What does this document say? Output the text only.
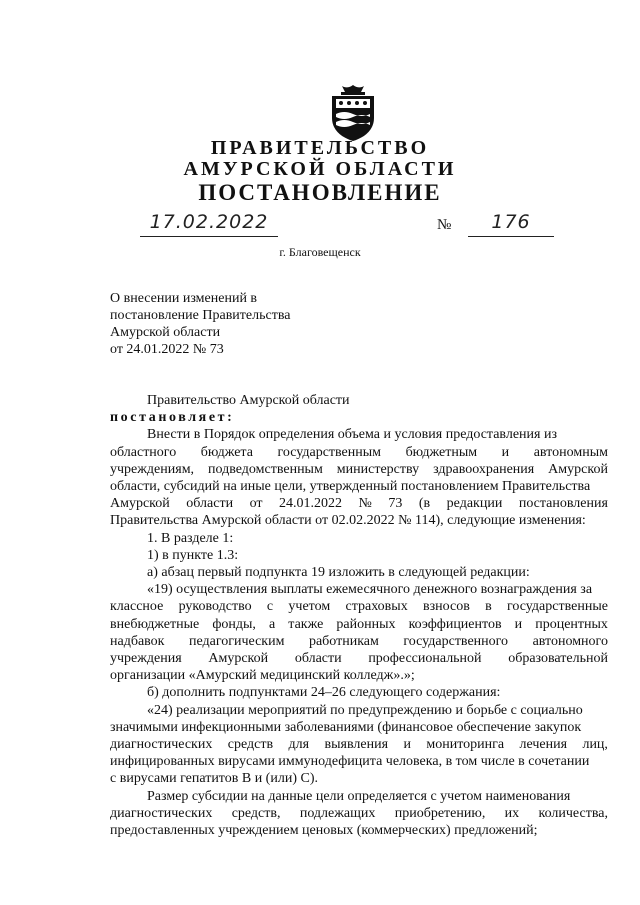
ПРАВИТЕЛЬСТВО
АМУРСКОЙ ОБЛАСТИ
ПОСТАНОВЛЕНИЕ
17.02.2022	№	176
г. Благовещенск
О внесении изменений в
постановление Правительства
Амурской области
от 24.01.2022 № 73
Правительство Амурской области
постановляет:
Внести в Порядок определения объема и условия предоставления из
областного бюджета государственным бюджетным и автономным
учреждениям, подведомственным министерству здравоохранения Амурской
области, субсидий на иные цели, утвержденный постановлением Правительства
Амурской области от 24.01.2022 № 73 (в редакции постановления
Правительства Амурской области от 02.02.2022 № 114), следующие изменения:
1. В разделе 1:
1) в пункте 1.3:
а) абзац первый подпункта 19 изложить в следующей редакции:
«19) осуществления выплаты ежемесячного денежного вознаграждения за
классное руководство с учетом страховых взносов в государственные
внебюджетные фонды, а также районных коэффициентов и процентных
надбавок педагогическим работникам государственного автономного
учреждения Амурской области профессиональной образовательной
организации «Амурский медицинский колледж».»;
б) дополнить подпунктами 24–26 следующего содержания:
«24) реализации мероприятий по предупреждению и борьбе с социально
значимыми инфекционными заболеваниями (финансовое обеспечение закупок
диагностических средств для выявления и мониторинга лечения лиц,
инфицированных вирусами иммунодефицита человека, в том числе в сочетании
с вирусами гепатитов В и (или) С).
Размер субсидии на данные цели определяется с учетом наименования
диагностических средств, подлежащих приобретению, их количества,
предоставленных учреждением ценовых (коммерческих) предложений;
